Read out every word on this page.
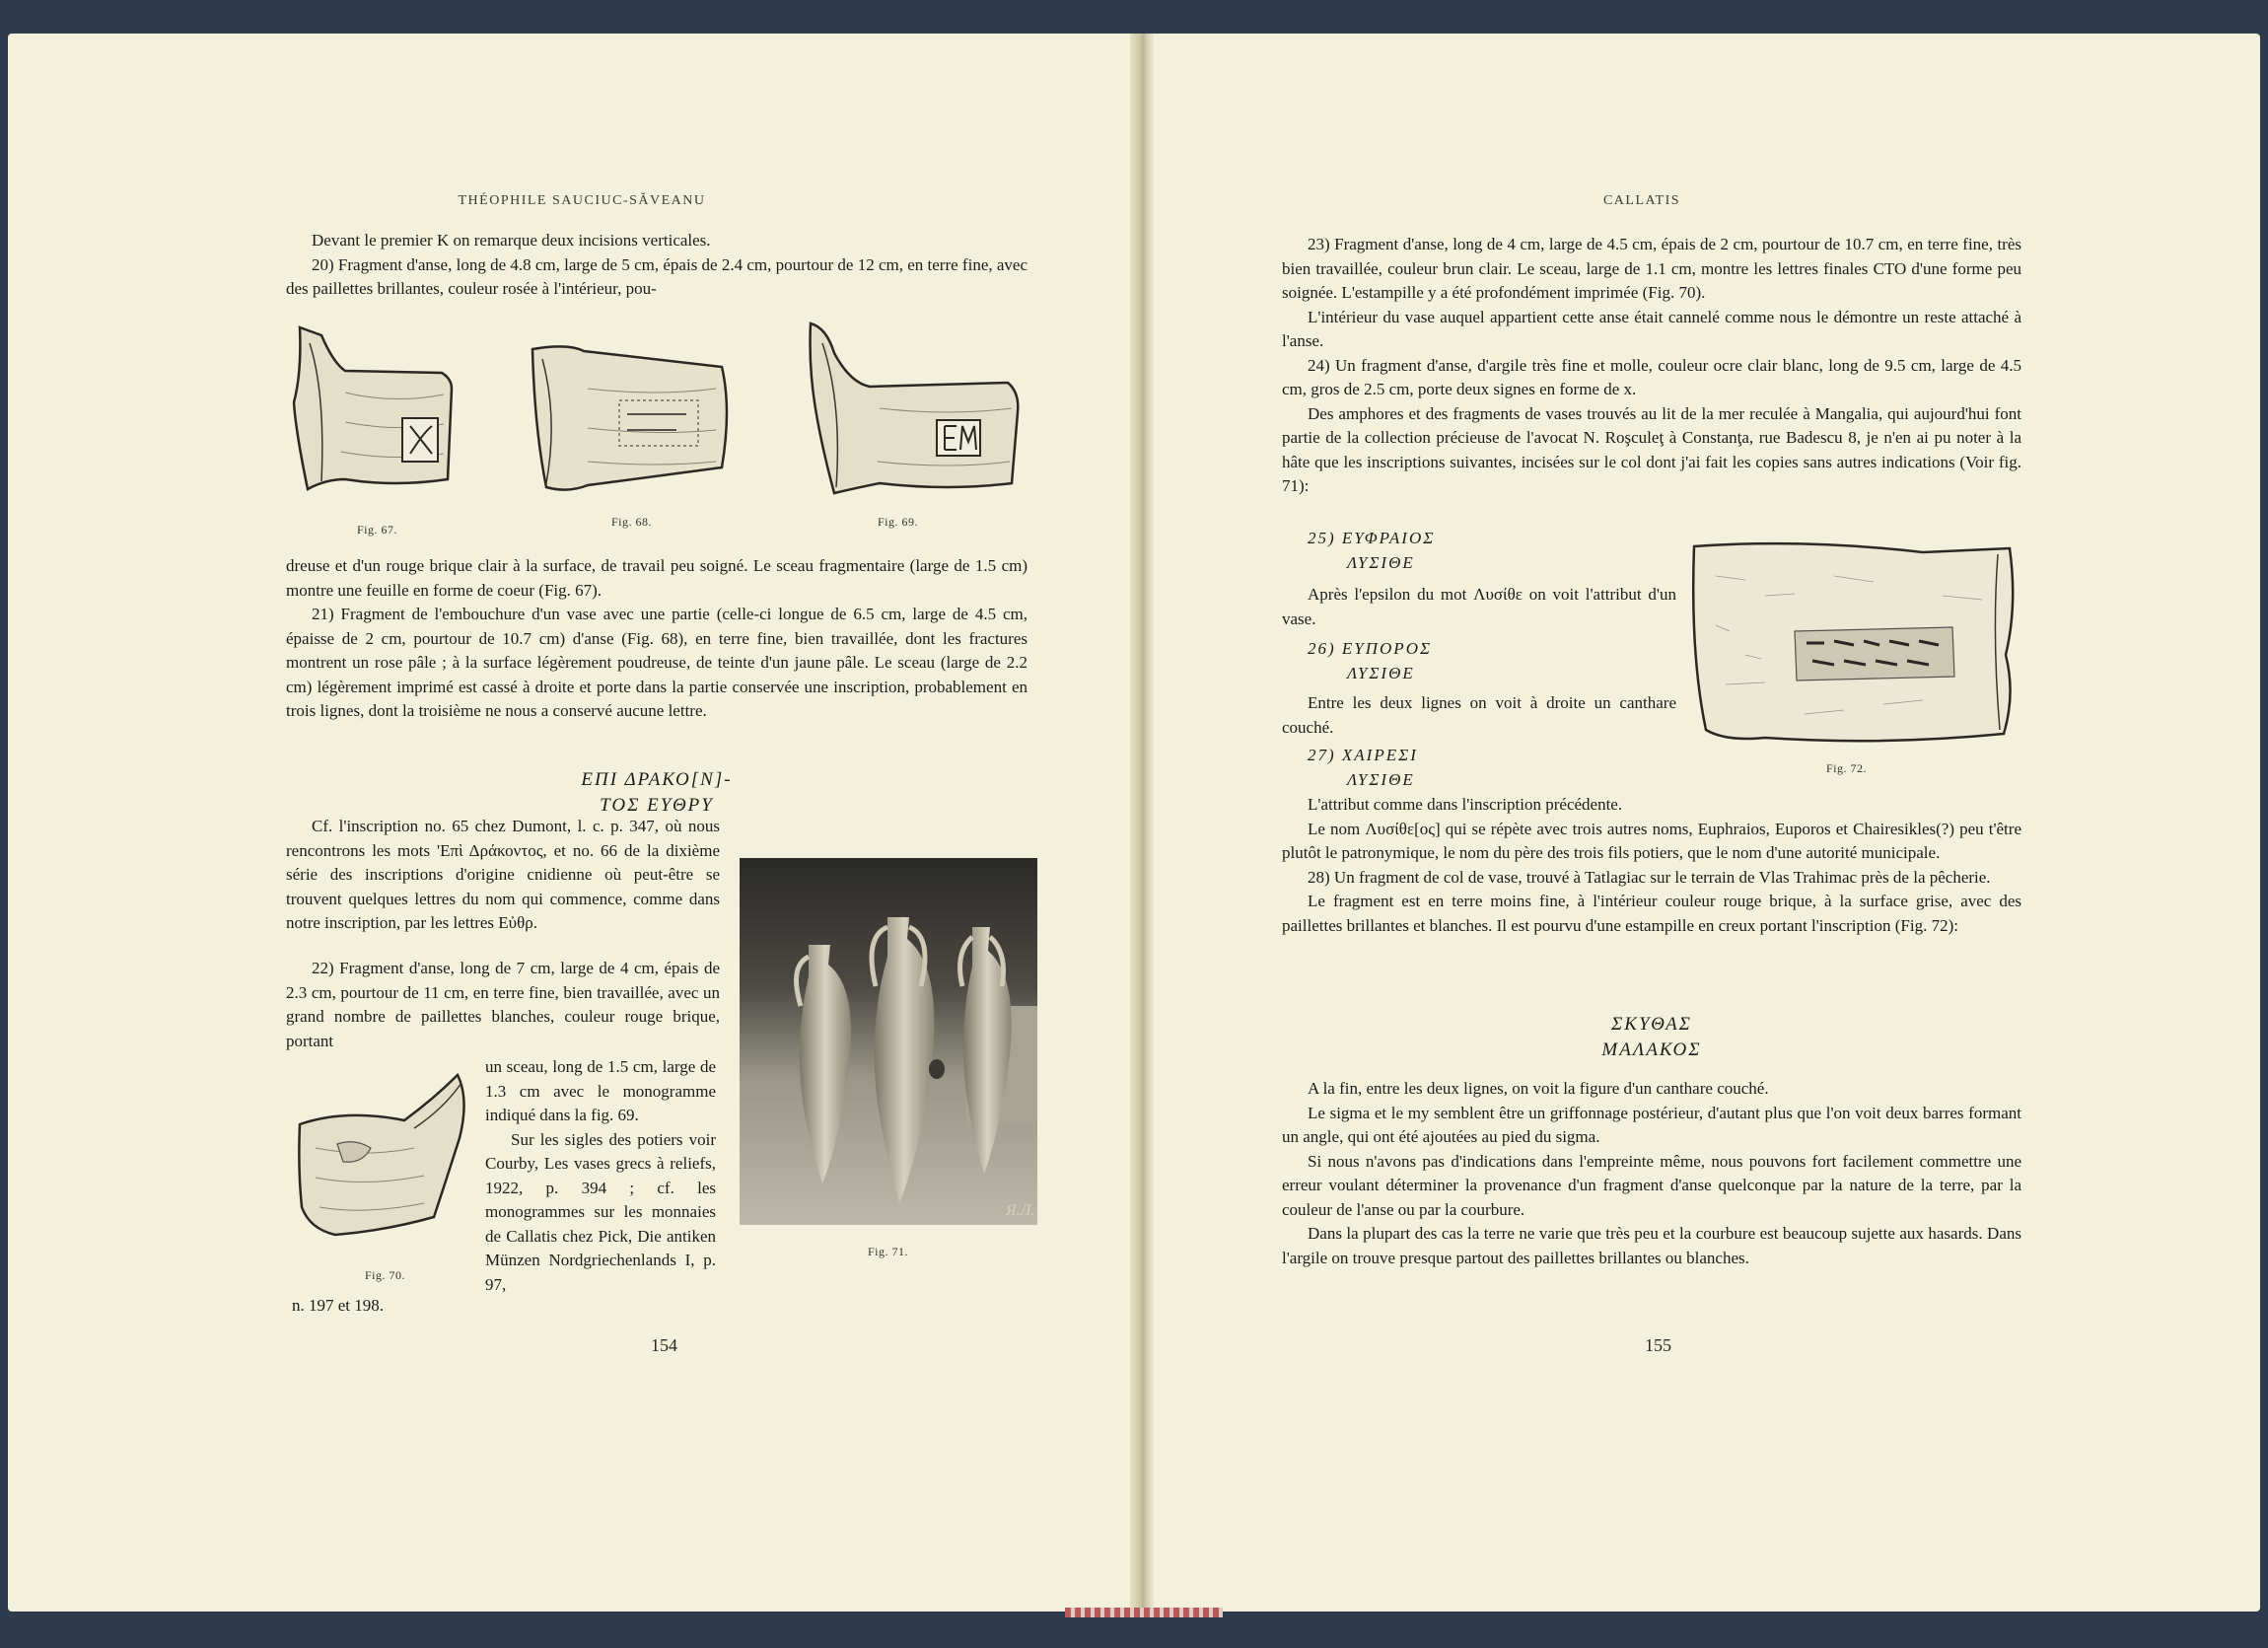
THÉOPHILE SAUCIUC-SĂVEANU

Devant le premier K on remarque deux incisions verticales.

20) Fragment d'anse, long de 4.8 cm, large de 5 cm, épais de 2.4 cm, pourtour de 12 cm, en terre fine, avec des paillettes brillantes, couleur rosée à l'intérieur, pou-

Fig. 67.
Fig. 68.	Fig. 69.

dreuse et d'un rouge brique clair à la surface, de travail peu soigné. Le sceau fragmentaire (large de 1.5 cm) montre une feuille en forme de coeur (Fig. 67).

21) Fragment de l'embouchure d'un vase avec une partie (celle-ci longue de 6.5 cm, large de 4.5 cm, épaisse de 2 cm, pourtour de 10.7 cm) d'anse (Fig. 68), en terre fine, bien travaillée, dont les fractures montrent un rose pâle ; à la surface légèrement poudreuse, de teinte d'un jaune pâle. Le sceau (large de 2.2 cm) légèrement imprimé est cassé à droite et porte dans la partie conservée une inscription, probablement en trois lignes, dont la troisième ne nous a conservé aucune lettre.

ΕΠΙ ΔΡΑΚΟ[Ν]-

ΤΟΣ ΕΥΘΡΥ

Cf. l'inscription no. 65 chez Dumont, l. c. p. 347, où nous rencontrons les mots 'Επὶ Δράκοντος, et no. 66 de la dixième série des inscriptions d'origine cnidienne où peut-être se trouvent quelques lettres du nom qui commence, comme dans notre inscription, par les lettres Εὐθρ.

Я.Л.
Fig. 71.

22) Fragment d'anse, long de 7 cm, large de 4 cm, épais de 2.3 cm, pourtour de 11 cm, en terre fine, bien travaillée, avec un grand nombre de paillettes blanches, couleur rouge brique, portant

Fig. 70.

un sceau, long de 1.5 cm, large de 1.3 cm avec le monogramme indiqué dans la fig. 69.

Sur les sigles des potiers voir Courby, Les vases grecs à reliefs, 1922, p. 394 ; cf. les monogrammes sur les monnaies de Callatis chez Pick, Die antiken Münzen Nordgriechenlands I, p. 97,

n. 197 et 198.

154
CALLATIS

23) Fragment d'anse, long de 4 cm, large de 4.5 cm, épais de 2 cm, pourtour de 10.7 cm, en terre fine, très bien travaillée, couleur brun clair. Le sceau, large de 1.1 cm, montre les lettres finales CTO d'une forme peu soignée. L'estampille y a été profondément imprimée (Fig. 70).

L'intérieur du vase auquel appartient cette anse était cannelé comme nous le démontre un reste attaché à l'anse.

24) Un fragment d'anse, d'argile très fine et molle, couleur ocre clair blanc, long de 9.5 cm, large de 4.5 cm, gros de 2.5 cm, porte deux signes en forme de x.

Des amphores et des fragments de vases trouvés au lit de la mer reculée à Mangalia, qui aujourd'hui font partie de la collection précieuse de l'avocat N. Roşculeţ à Constanţa, rue Badescu 8, je n'en ai pu noter à la hâte que les inscriptions suivantes, incisées sur le col dont j'ai fait les copies sans autres indications (Voir fig. 71):

25) ΕΥΦΡΑΙΟΣ

ΛΥΣΙΘΕ

Après l'epsilon du mot Λυσίθε on voit l'attribut d'un vase.

26) ΕΥΠΟΡΟΣ

ΛΥΣΙΘΕ

Entre les deux lignes on voit à droite un canthare couché.

27) ΧΑΙΡΕΣΙ

ΛΥΣΙΘΕ

Fig. 72.

L'attribut comme dans l'inscription précédente.

Le nom Λυσίθε[ος] qui se répète avec trois autres noms, Euphraios, Euporos et Chairesikles(?) peu t'être plutôt le patronymique, le nom du père des trois fils potiers, que le nom d'une autorité municipale.

28) Un fragment de col de vase, trouvé à Tatlagiac sur le terrain de Vlas Trahimac près de la pêcherie.

Le fragment est en terre moins fine, à l'intérieur couleur rouge brique, à la surface grise, avec des paillettes brillantes et blanches. Il est pourvu d'une estampille en creux portant l'inscription (Fig. 72):

ΣΚΥΘΑΣ

ΜΑΛΑΚΟΣ

A la fin, entre les deux lignes, on voit la figure d'un canthare couché.

Le sigma et le my semblent être un griffonnage postérieur, d'autant plus que l'on voit deux barres formant un angle, qui ont été ajoutées au pied du sigma.

Si nous n'avons pas d'indications dans l'empreinte même, nous pouvons fort facilement commettre une erreur voulant déterminer la provenance d'un fragment d'anse quelconque par la nature de la terre, par la couleur de l'anse ou par la courbure.

Dans la plupart des cas la terre ne varie que très peu et la courbure est beaucoup sujette aux hasards. Dans l'argile on trouve presque partout des paillettes brillantes ou blanches.

155
